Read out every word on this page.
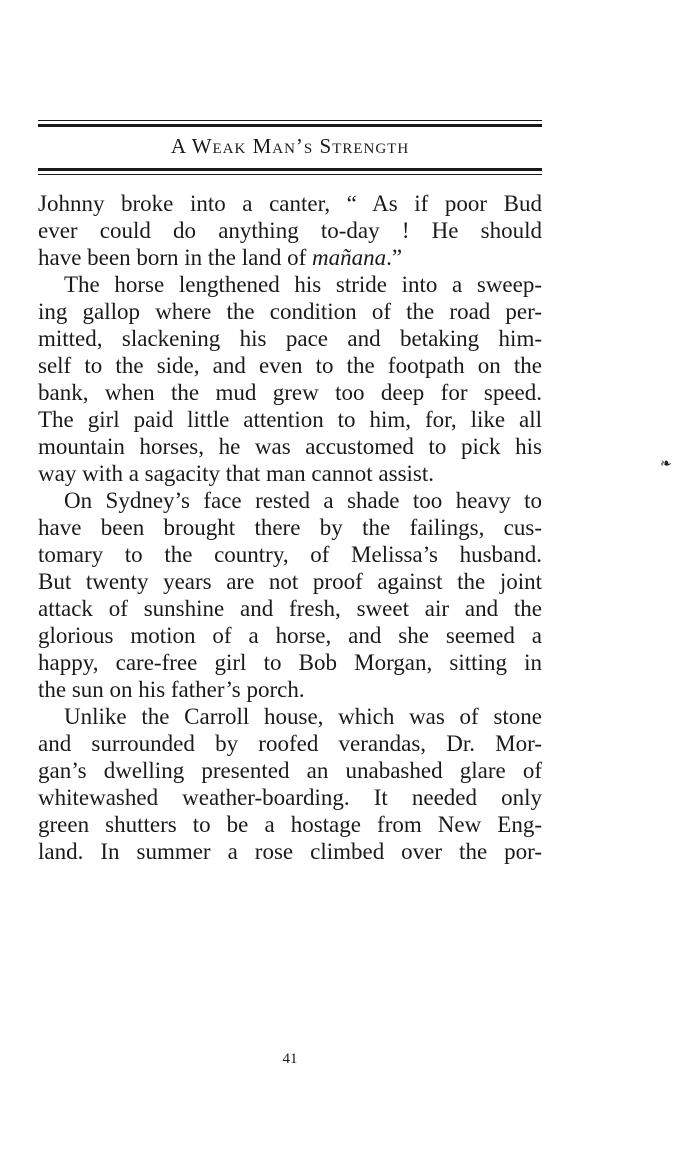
A Weak Man’s Strength
Johnny broke into a canter, “ As if poor Bud
ever could do anything to-day ! He should
have been born in the land of mañana.”
The horse lengthened his stride into a sweep-
ing gallop where the condition of the road per-
mitted, slackening his pace and betaking him-
self to the side, and even to the footpath on the
bank, when the mud grew too deep for speed.
The girl paid little attention to him, for, like all
mountain horses, he was accustomed to pick his
way with a sagacity that man cannot assist.
On Sydney’s face rested a shade too heavy to
have been brought there by the failings, cus-
tomary to the country, of Melissa’s husband.
But twenty years are not proof against the joint
attack of sunshine and fresh, sweet air and the
glorious motion of a horse, and she seemed a
happy, care-free girl to Bob Morgan, sitting in
the sun on his father’s porch.
Unlike the Carroll house, which was of stone
and surrounded by roofed verandas, Dr. Mor-
gan’s dwelling presented an unabashed glare of
whitewashed weather-boarding. It needed only
green shutters to be a hostage from New Eng-
land. In summer a rose climbed over the por-
41
❧
